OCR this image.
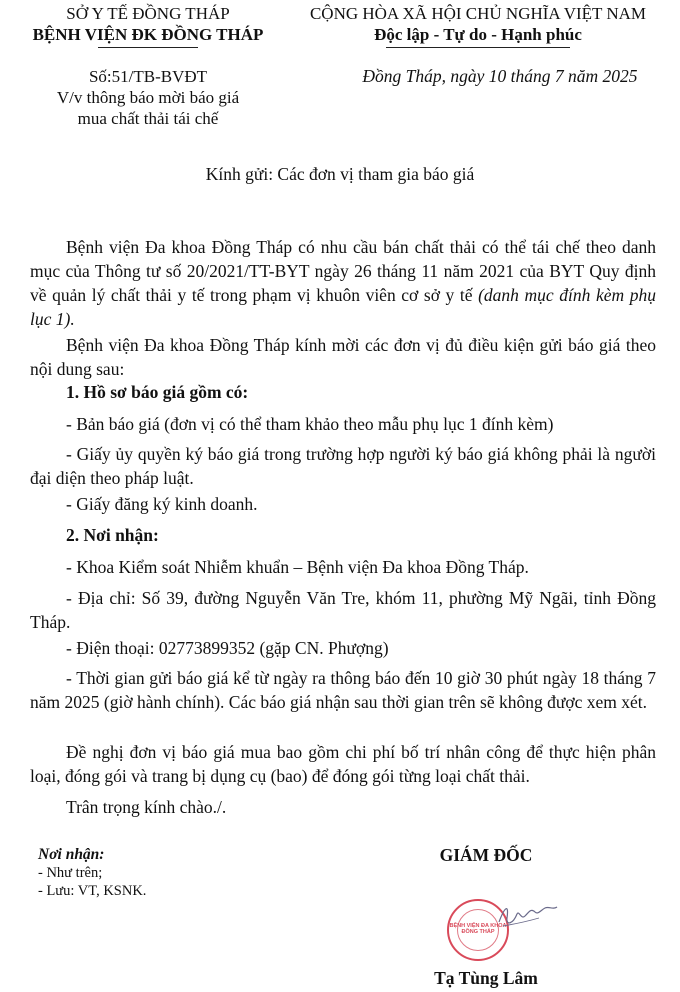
SỞ Y TẾ ĐỒNG THÁP
BỆNH VIỆN ĐK ĐỒNG THÁP
Số:51/TB-BVĐT
V/v thông báo mời báo giá
mua chất thải tái chế
CỘNG HÒA XÃ HỘI CHỦ NGHĨA VIỆT NAM
Độc lập - Tự do - Hạnh phúc
Đồng Tháp, ngày 10 tháng 7 năm 2025
Kính gửi: Các đơn vị tham gia báo giá
Bệnh viện Đa khoa Đồng Tháp có nhu cầu bán chất thải có thể tái chế theo danh mục của Thông tư số 20/2021/TT-BYT ngày 26 tháng 11 năm 2021 của BYT Quy định về quản lý chất thải y tế trong phạm vị khuôn viên cơ sở y tế (danh mục đính kèm phụ lục 1).
Bệnh viện Đa khoa Đồng Tháp kính mời các đơn vị đủ điều kiện gửi báo giá theo nội dung sau:
1. Hồ sơ báo giá gồm có:
- Bản báo giá (đơn vị có thể tham khảo theo mẫu phụ lục 1 đính kèm)
- Giấy ủy quyền ký báo giá trong trường hợp người ký báo giá không phải là người đại diện theo pháp luật.
- Giấy đăng ký kinh doanh.
2. Nơi nhận:
- Khoa Kiểm soát Nhiễm khuẩn – Bệnh viện Đa khoa Đồng Tháp.
- Địa chỉ: Số 39, đường Nguyễn Văn Tre, khóm 11, phường Mỹ Ngãi, tỉnh Đồng Tháp.
- Điện thoại: 02773899352 (gặp CN. Phượng)
- Thời gian gửi báo giá kể từ ngày ra thông báo đến 10 giờ 30 phút ngày 18 tháng 7 năm 2025 (giờ hành chính). Các báo giá nhận sau thời gian trên sẽ không được xem xét.
Đề nghị đơn vị báo giá mua bao gồm chi phí bố trí nhân công để thực hiện phân loại, đóng gói và trang bị dụng cụ (bao) để đóng gói từng loại chất thải.
Trân trọng kính chào./.
Nơi nhận:
- Như trên;
- Lưu: VT, KSNK.
GIÁM ĐỐC
BỆNH VIỆN ĐA KHOA ĐỒNG THÁP
Tạ Tùng Lâm
